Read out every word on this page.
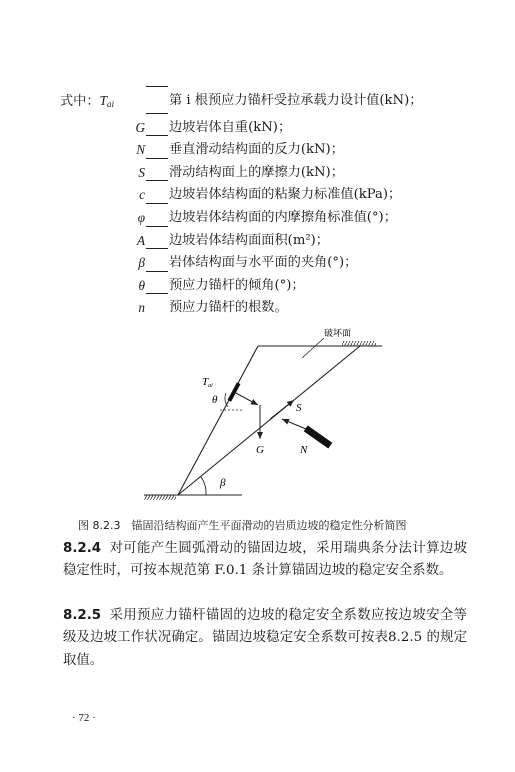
式中：$T_{ai}$	第 i 根预应力锚杆受拉承载力设计值(kN)；
G 边坡岩体自重(kN)；
N 垂直滑动结构面的反力(kN)；
S 滑动结构面上的摩擦力(kN)；
c 边坡岩体结构面的粘聚力标准值(kPa)；
φ 边坡岩体结构面的内摩擦角标准值(°)；
A 边坡岩体结构面面积(m²)；
β 岩体结构面与水平面的夹角(°)；
θ 预应力锚杆的倾角(°)；
n 预应力锚杆的根数。
破坏面
β
Tai
θ
G
S
N
图 8.2.3　锚固沿结构面产生平面滑动的岩质边坡的稳定性分析简图
8.2.4 对可能产生圆弧滑动的锚固边坡，采用瑞典条分法计算边坡稳定性时，可按本规范第 F.0.1 条计算锚固边坡的稳定安全系数。
8.2.5 采用预应力锚杆锚固的边坡的稳定安全系数应按边坡安全等级及边坡工作状况确定。锚固边坡稳定安全系数可按表8.2.5 的规定取值。
· 72 ·
